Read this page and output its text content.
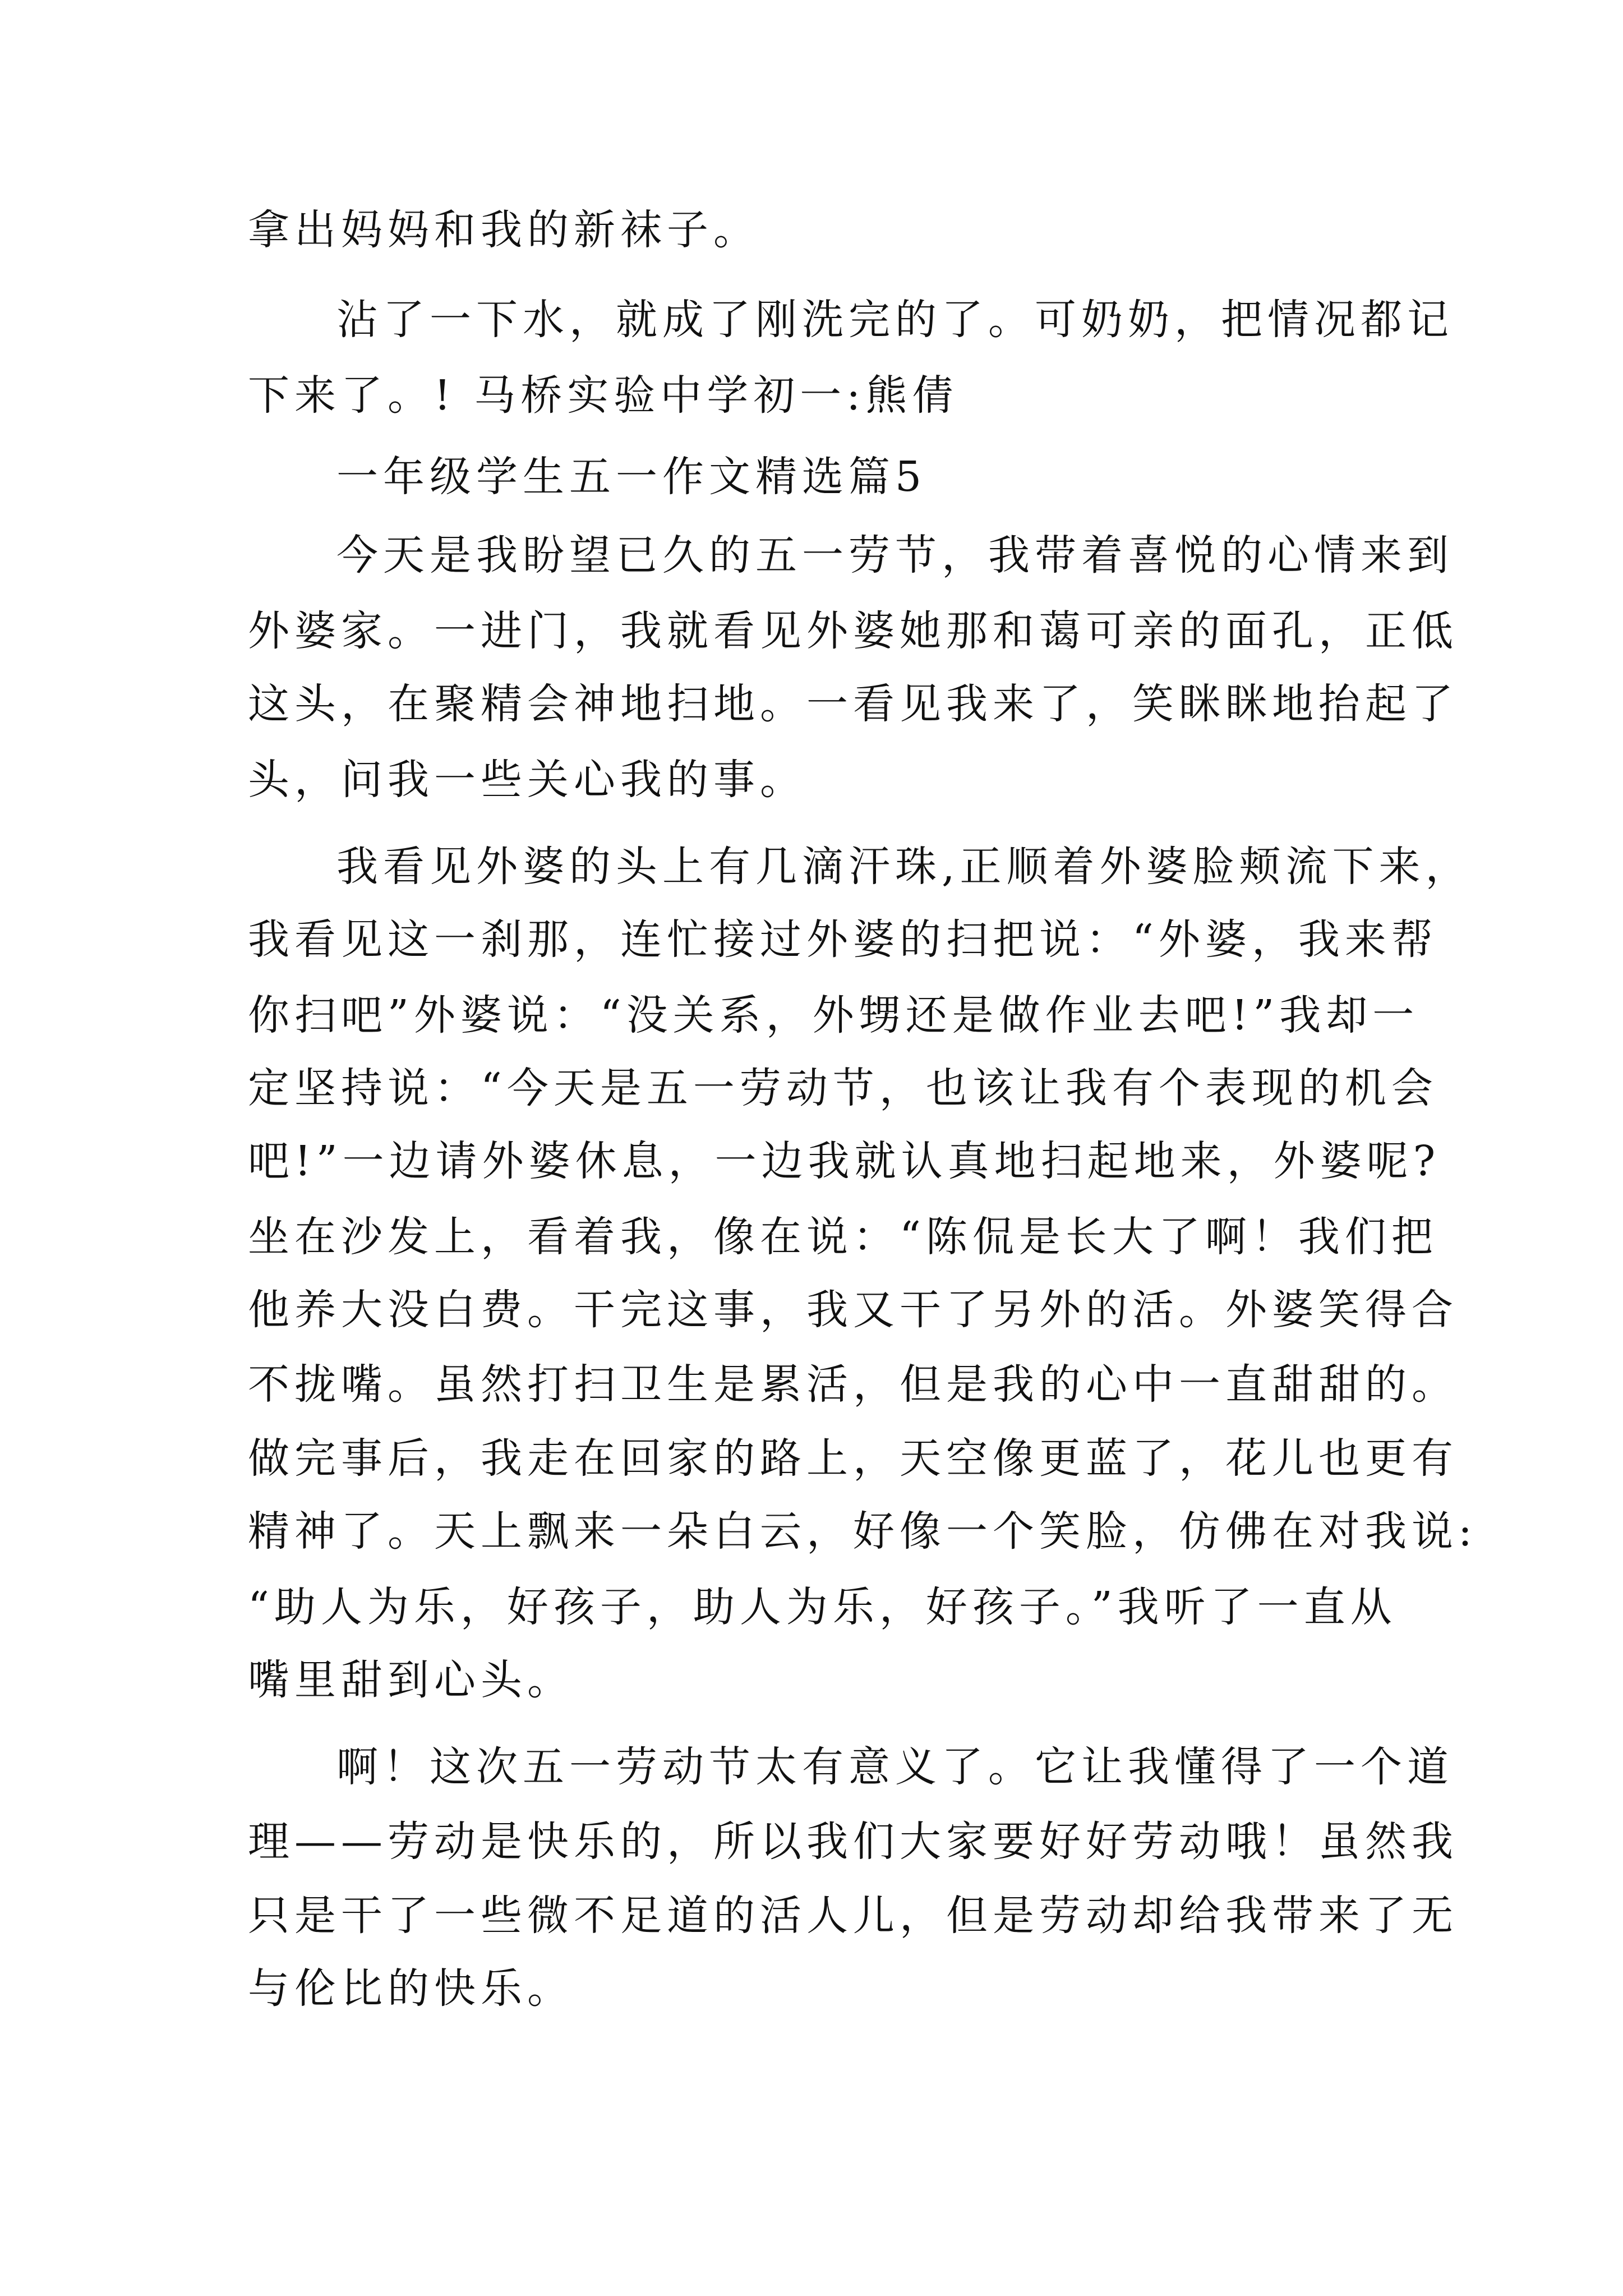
拿出妈妈和我的新袜子。
沾了一下水，就成了刚洗完的了。可奶奶，把情况都记
下来了。! 马桥实验中学初一:熊倩
一年级学生五一作文精选篇5
今天是我盼望已久的五一劳节，我带着喜悦的心情来到
外婆家。一进门，我就看见外婆她那和蔼可亲的面孔，正低
这头，在聚精会神地扫地。一看见我来了，笑眯眯地抬起了
头，问我一些关心我的事。
我看见外婆的头上有几滴汗珠,正顺着外婆脸颊流下来，
我看见这一刹那，连忙接过外婆的扫把说：“外婆，我来帮
你扫吧”外婆说：“没关系，外甥还是做作业去吧!”我却一
定坚持说：“今天是五一劳动节，也该让我有个表现的机会
吧!”一边请外婆休息，一边我就认真地扫起地来，外婆呢?
坐在沙发上，看着我，像在说：“陈侃是长大了啊！我们把
他养大没白费。干完这事，我又干了另外的活。外婆笑得合
不拢嘴。虽然打扫卫生是累活，但是我的心中一直甜甜的。
做完事后，我走在回家的路上，天空像更蓝了，花儿也更有
精神了。天上飘来一朵白云，好像一个笑脸，仿佛在对我说:
“助人为乐，好孩子，助人为乐，好孩子。”我听了一直从
嘴里甜到心头。
啊！这次五一劳动节太有意义了。它让我懂得了一个道
理——劳动是快乐的，所以我们大家要好好劳动哦！虽然我
只是干了一些微不足道的活人儿，但是劳动却给我带来了无
与伦比的快乐。
